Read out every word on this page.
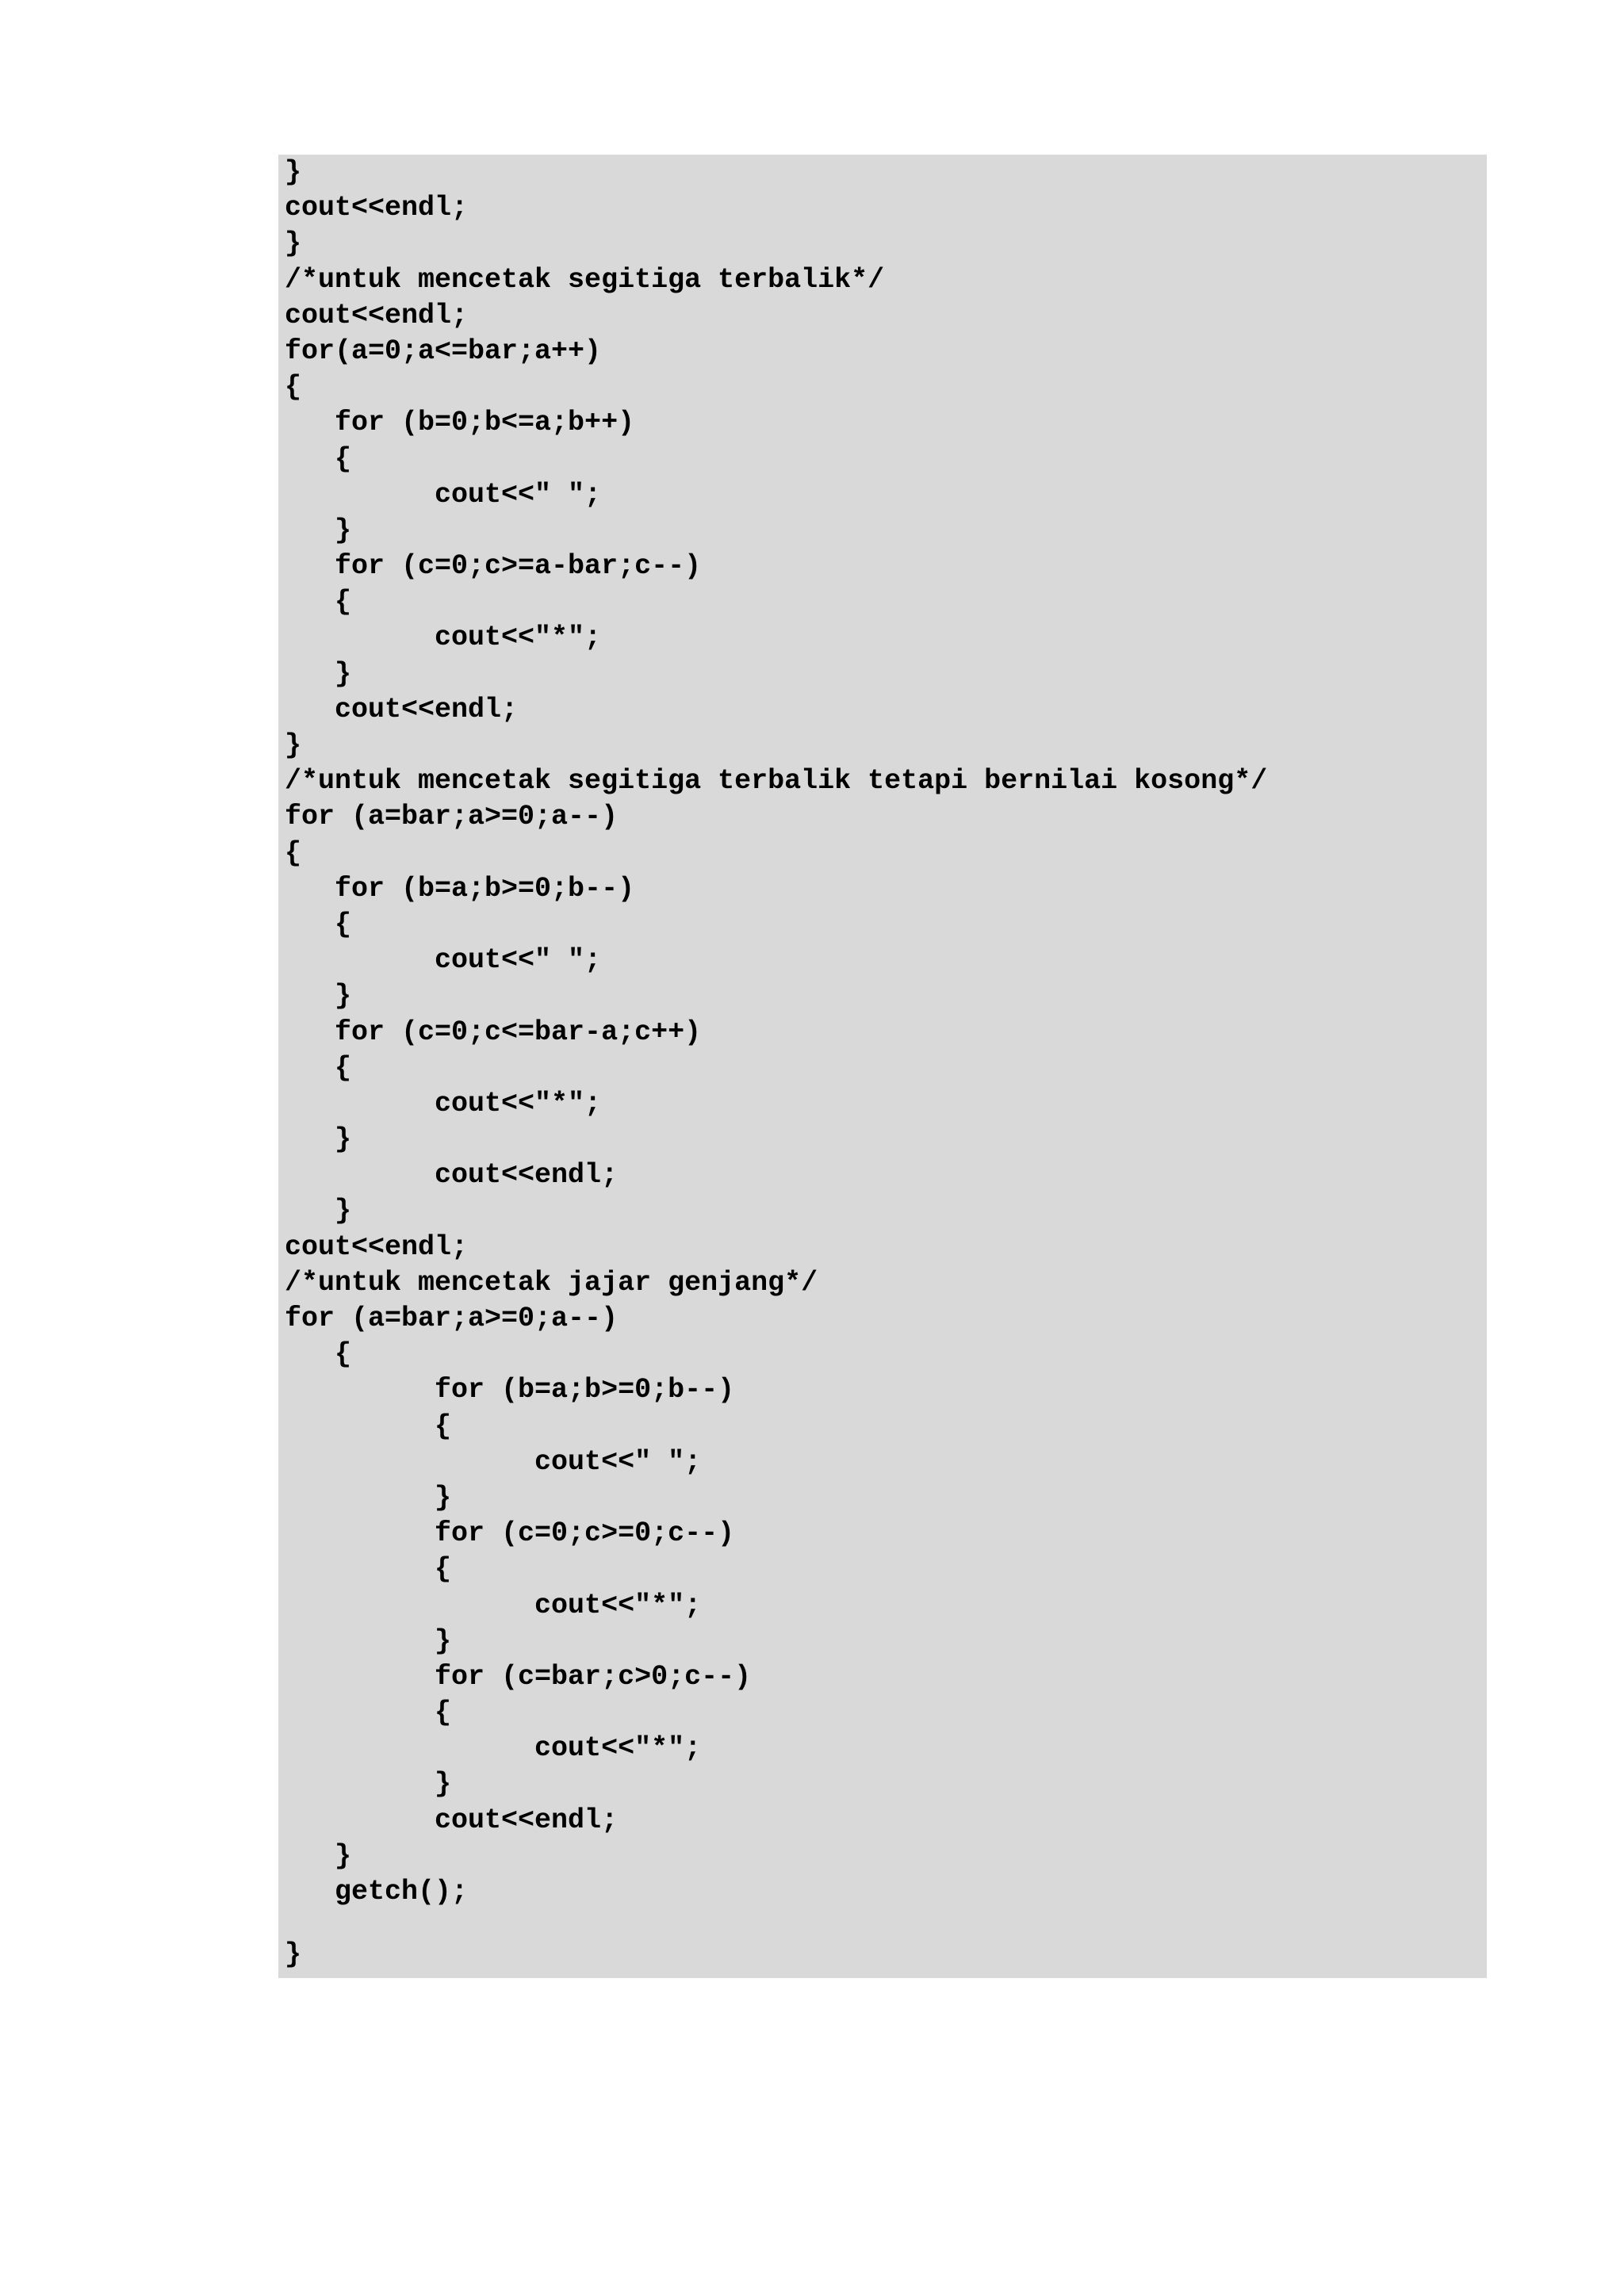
}
cout<<endl;
}
/*untuk mencetak segitiga terbalik*/
cout<<endl;
for(a=0;a<=bar;a++)
{
for (b=0;b<=a;b++)
{
cout<<" ";
}
for (c=0;c>=a-bar;c--)
{
cout<<"*";
}
cout<<endl;
}
/*untuk mencetak segitiga terbalik tetapi bernilai kosong*/
for (a=bar;a>=0;a--)
{
for (b=a;b>=0;b--)
{
cout<<" ";
}
for (c=0;c<=bar-a;c++)
{
cout<<"*";
}
cout<<endl;
}
cout<<endl;
/*untuk mencetak jajar genjang*/
for (a=bar;a>=0;a--)
{
for (b=a;b>=0;b--)
{
cout<<" ";
}
for (c=0;c>=0;c--)
{
cout<<"*";
}
for (c=bar;c>0;c--)
{
cout<<"*";
}
cout<<endl;
}
getch();
}
